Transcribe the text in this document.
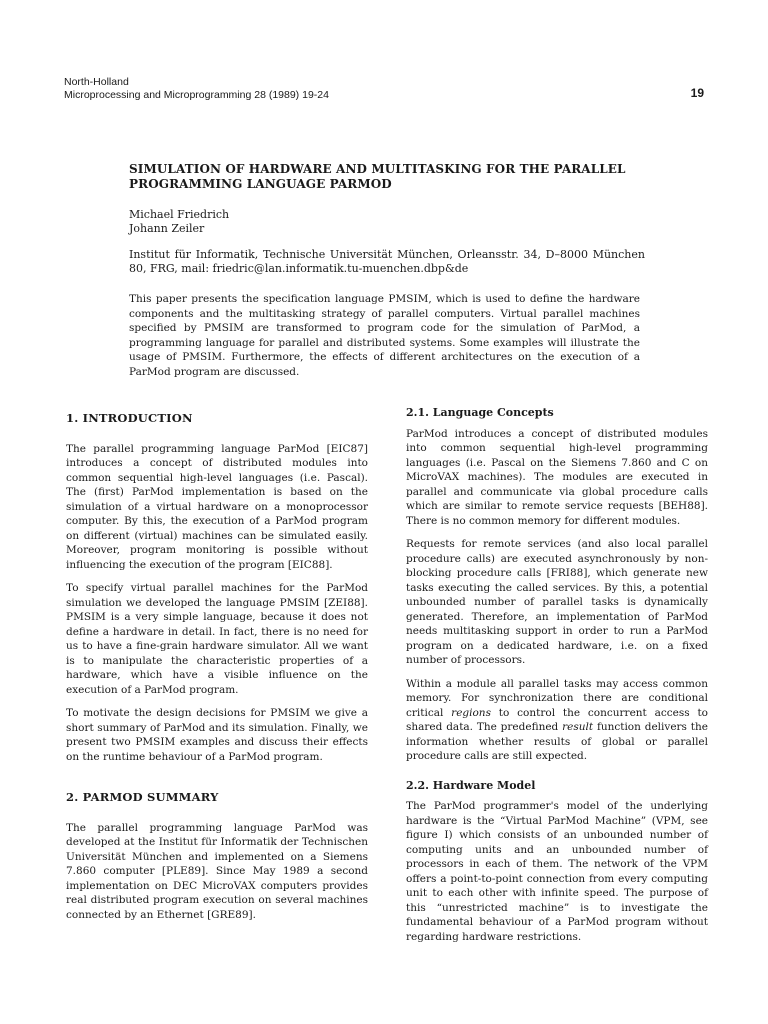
North-Holland
Microprocessing and Microprogramming 28 (1989) 19-24	19
SIMULATION OF HARDWARE AND MULTITASKING FOR THE PARALLEL
PROGRAMMING LANGUAGE PARMOD
Michael Friedrich
Johann Zeiler
Institut für Informatik, Technische Universität München, Orleansstr. 34, D–8000 München 80, FRG, mail: friedric@lan.informatik.tu-muenchen.dbp&de
This paper presents the specification language PMSIM, which is used to define the hardware components and the multitasking strategy of parallel computers. Virtual parallel machines specified by PMSIM are transformed to program code for the simulation of ParMod, a programming language for parallel and distributed systems. Some examples will illustrate the usage of PMSIM. Furthermore, the effects of different architectures on the execution of a ParMod program are discussed.
1. INTRODUCTION

The parallel programming language ParMod [EIC87] introduces a concept of distributed modules into common sequential high-level languages (i.e. Pascal). The (first) ParMod implementation is based on the simulation of a virtual hardware on a monoprocessor computer. By this, the execution of a ParMod program on different (virtual) machines can be simulated easily. Moreover, program monitoring is possible without influencing the execution of the program [EIC88].

To specify virtual parallel machines for the ParMod simulation we developed the language PMSIM [ZEI88]. PMSIM is a very simple language, because it does not define a hardware in detail. In fact, there is no need for us to have a fine-grain hardware simulator. All we want is to manipulate the characteristic properties of a hardware, which have a visible influence on the execution of a ParMod program.

To motivate the design decisions for PMSIM we give a short summary of ParMod and its simulation. Finally, we present two PMSIM examples and discuss their effects on the runtime behaviour of a ParMod program.

2. PARMOD SUMMARY

The parallel programming language ParMod was developed at the Institut für Informatik der Technischen Universität München and implemented on a Siemens 7.860 computer [PLE89]. Since May 1989 a second implementation on DEC MicroVAX computers provides real distributed program execution on several machines connected by an Ethernet [GRE89].

2.1. Language Concepts

ParMod introduces a concept of distributed modules into common sequential high-level programming languages (i.e. Pascal on the Siemens 7.860 and C on MicroVAX machines). The modules are executed in parallel and communicate via global procedure calls which are similar to remote service requests [BEH88]. There is no common memory for different modules.

Requests for remote services (and also local parallel procedure calls) are executed asynchronously by non-blocking procedure calls [FRI88], which generate new tasks executing the called services. By this, a potential unbounded number of parallel tasks is dynamically generated. Therefore, an implementation of ParMod needs multitasking support in order to run a ParMod program on a dedicated hardware, i.e. on a fixed number of processors.

Within a module all parallel tasks may access common memory. For synchronization there are conditional critical regions to control the concurrent access to shared data. The predefined result function delivers the information whether results of global or parallel procedure calls are still expected.

2.2. Hardware Model

The ParMod programmer's model of the underlying hardware is the “Virtual ParMod Machine” (VPM, see figure I) which consists of an unbounded number of computing units and an unbounded number of processors in each of them. The network of the VPM offers a point-to-point connection from every computing unit to each other with infinite speed. The purpose of this “unrestricted machine” is to investigate the fundamental behaviour of a ParMod program without regarding hardware restrictions.
